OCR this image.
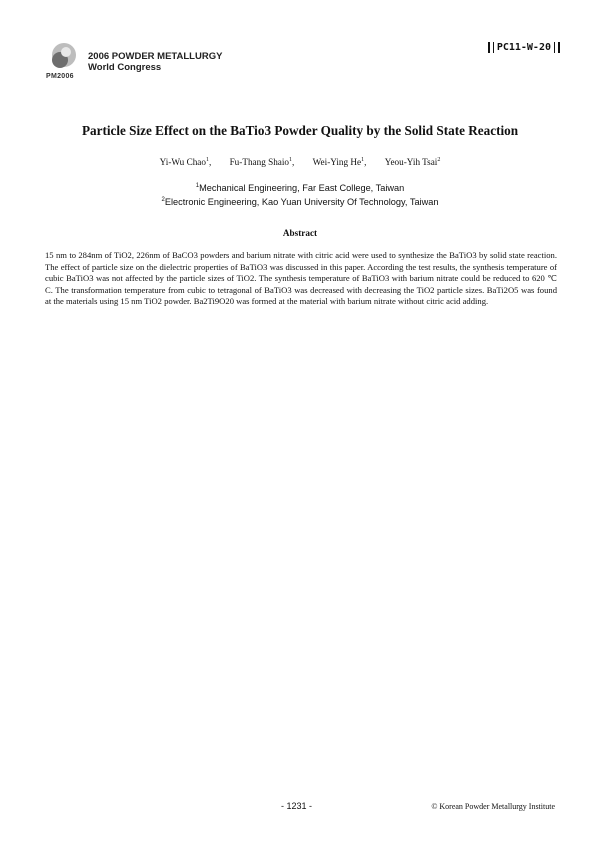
PM2006
2006 POWDER METALLURGY
World Congress
PC11-W-20
Particle Size Effect on the BaTio3 Powder Quality by the Solid State Reaction
Yi-Wu Chao$^1$, Fu-Thang Shaio$^1$, Wei-Ying He$^1$, Yeou-Yih Tsai$^2$
$^1$Mechanical Engineering, Far East College, Taiwan
$^2$Electronic Engineering, Kao Yuan University Of Technology, Taiwan
Abstract
15 nm to 284nm of TiO2, 226nm of BaCO3 powders and barium nitrate with citric acid were used to synthesize the BaTiO3 by solid state reaction. The effect of particle size on the dielectric properties of BaTiO3 was discussed in this paper. According the test results, the synthesis temperature of cubic BaTiO3 was not affected by the particle sizes of TiO2. The synthesis temperature of BaTiO3 with barium nitrate could be reduced to 620 ℃ C. The transformation temperature from cubic to tetragonal of BaTiO3 was decreased with decreasing the TiO2 particle sizes. BaTi2O5 was found at the materials using 15 nm TiO2 powder. Ba2Ti9O20 was formed at the material with barium nitrate without citric acid adding.
- 1231 -	© Korean Powder Metallurgy Institute
